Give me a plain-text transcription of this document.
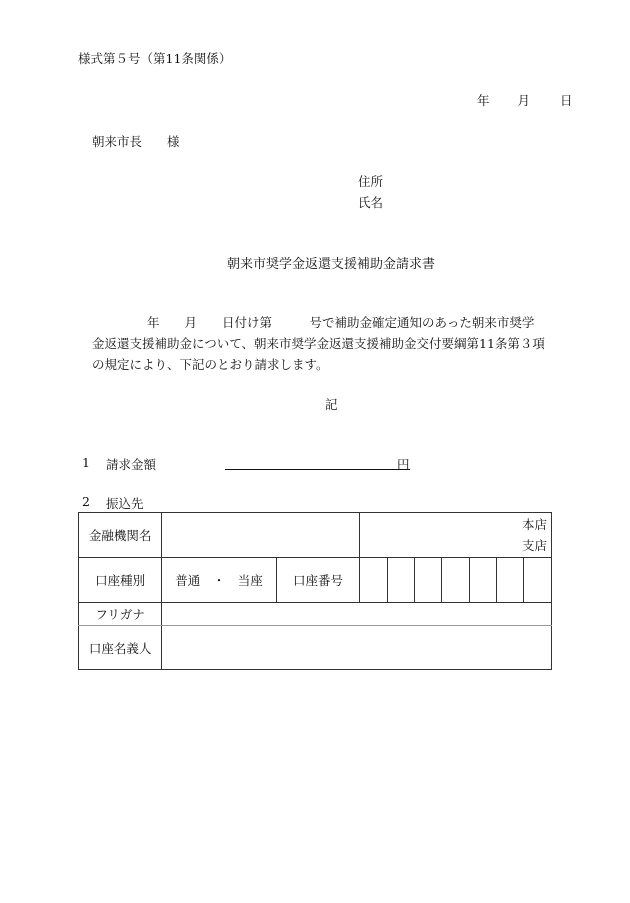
様式第５号（第11条関係）
年 月 日
朝来市長　　様
住所
氏名
朝来市奨学金返還支援補助金請求書
年　　月　　日付け第　　　号で補助金確定通知のあった朝来市奨学
金返還支援補助金について、朝来市奨学金返還支援補助金交付要綱第11条第３項
の規定により、下記のとおり請求します。
記
1 請求金額	円
2 振込先
金融機関名			本店
支店						

口座種別	普通　・　当座	口座番号							
フリガナ									
口座名義人									
